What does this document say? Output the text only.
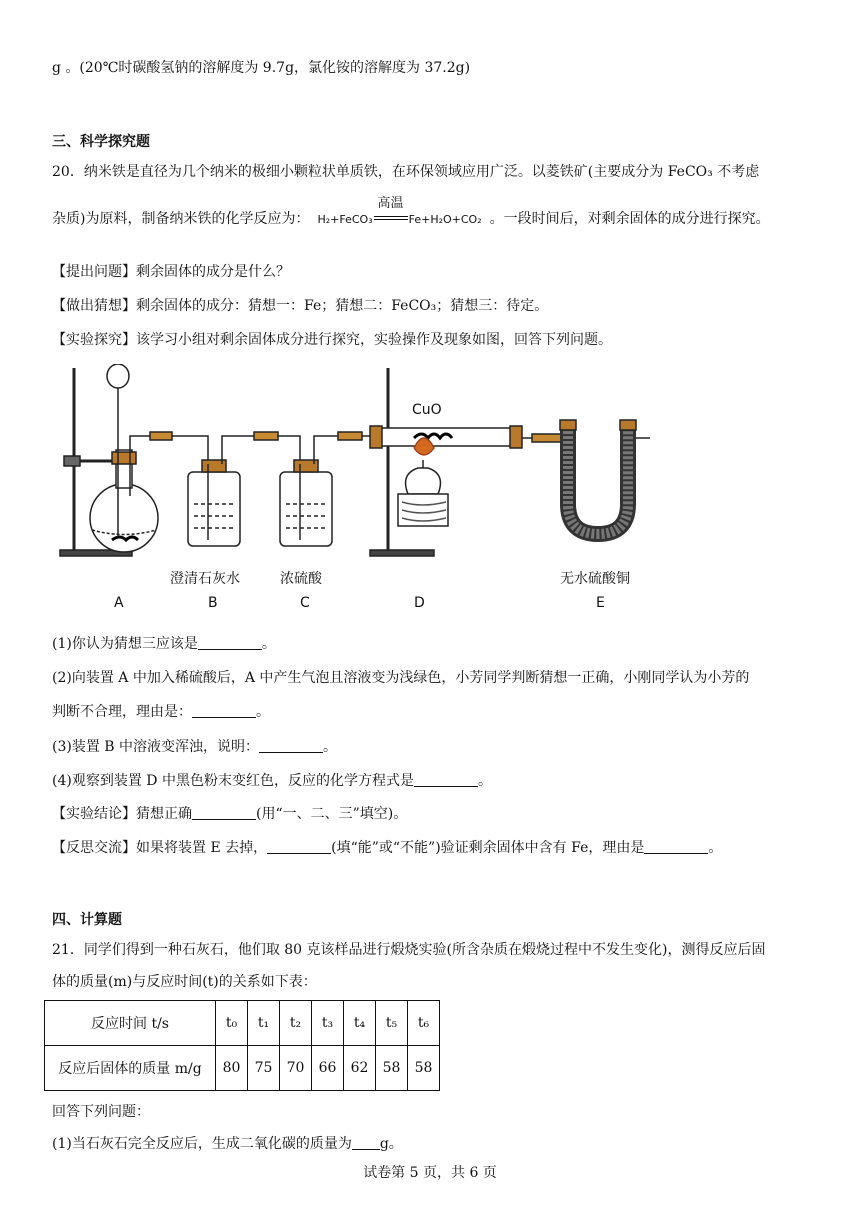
g 。(20℃时碳酸氢钠的溶解度为 9.7g，氯化铵的溶解度为 37.2g)
三、科学探究题
20．纳米铁是直径为几个纳米的极细小颗粒状单质铁，在环保领域应用广泛。以菱铁矿(主要成分为 FeCO₃ 不考虑
杂质)为原料，制备纳米铁的化学反应为： H₂+FeCO₃
高温
Fe+H₂O+CO₂ 。一段时间后，对剩余固体的成分进行探究。
【提出问题】剩余固体的成分是什么？
【做出猜想】剩余固体的成分：猜想一：Fe；猜想二：FeCO₃；猜想三：待定。
【实验探究】该学习小组对剩余固体成分进行探究，实验操作及现象如图，回答下列问题。
CuO
澄清石灰水	浓硫酸	无水硫酸铜
A	B	C	D	E
(1)你认为猜想三应该是	。
(2)向装置 A 中加入稀硫酸后，A 中产生气泡且溶液变为浅绿色，小芳同学判断猜想一正确，小刚同学认为小芳的
判断不合理，理由是：	。
(3)装置 B 中溶液变浑浊，说明：	。
(4)观察到装置 D 中黑色粉末变红色，反应的化学方程式是	。
【实验结论】猜想正确	(用“一、二、三”填空)。
【反思交流】如果将装置 E 去掉，	(填“能”或“不能”)验证剩余固体中含有 Fe，理由是	。
四、计算题
21．同学们得到一种石灰石，他们取 80 克该样品进行煅烧实验(所含杂质在煅烧过程中不发生变化)，测得反应后固
体的质量(m)与反应时间(t)的关系如下表：
反应时间 t/s	t₀	t₁	t₂	t₃	t₄	t₅	t₆
反应后固体的质量 m/g	80	75	70	66	62	58	58
回答下列问题：
(1)当石灰石完全反应后，生成二氧化碳的质量为 g。
试卷第 5 页，共 6 页
